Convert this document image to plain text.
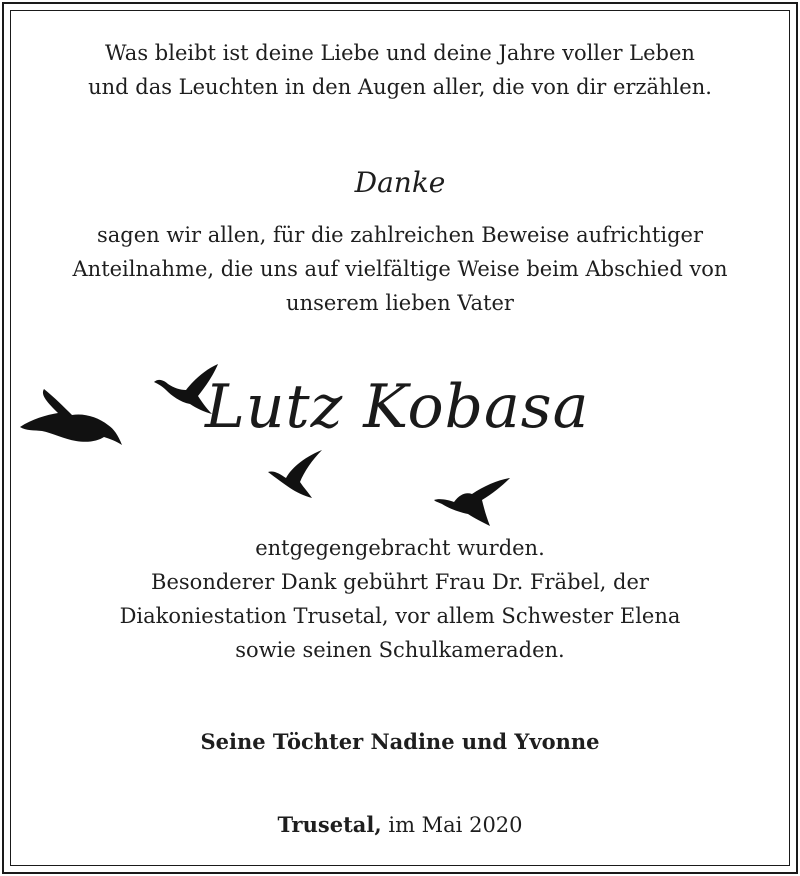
Was bleibt ist deine Liebe und deine Jahre voller Leben
und das Leuchten in den Augen aller, die von dir erzählen.
Danke
sagen wir allen, für die zahlreichen Beweise aufrichtiger
Anteilnahme, die uns auf vielfältige Weise beim Abschied von
unserem lieben Vater
Lutz Kobasa
entgegengebracht wurden.
Besonderer Dank gebührt Frau Dr. Fräbel, der
Diakoniestation Trusetal, vor allem Schwester Elena
sowie seinen Schulkameraden.
Seine Töchter Nadine und Yvonne
Trusetal, im Mai 2020
